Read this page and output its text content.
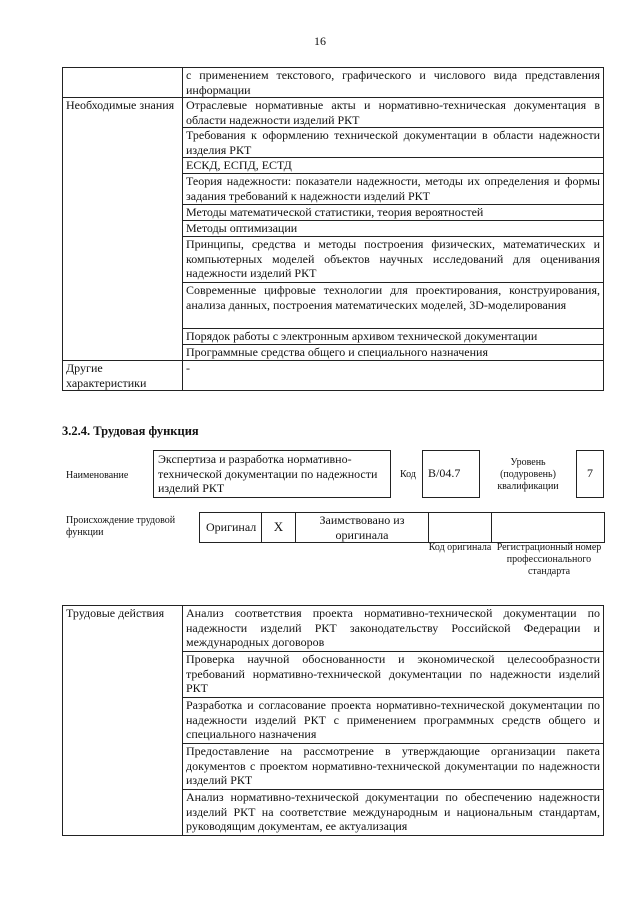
16
	с применением текстового, графического и числового вида представления информации
Необходимые знания	Отраслевые нормативные акты и нормативно-техническая документация в области надежности изделий РКТ
	Требования к оформлению технической документации в области надежности изделия РКТ
	ЕСКД, ЕСПД, ЕСТД
	Теория надежности: показатели надежности, методы их определения и формы задания требований к надежности изделий РКТ
	Методы математической статистики, теория вероятностей
	Методы оптимизации
	Принципы, средства и методы построения физических, математических и компьютерных моделей объектов научных исследований для оценивания надежности изделий РКТ
	Современные цифровые технологии для проектирования, конструирования, анализа данных, построения математических моделей, 3D-моделирования
	Порядок работы с электронным архивом технической документации
	Программные средства общего и специального назначения
Другие характеристики	-
3.2.4. Трудовая функция
Наименование
Экспертиза и разработка нормативно-технической документации по надежности изделий РКТ
Код B/04.7
Уровень (подуровень) квалификации
7
Происхождение трудовой функции	Оригинал	X	Заимствовано из оригинала		
Код оригинала Регистрационный номер профессионального стандарта
Трудовые действия	Анализ соответствия проекта нормативно-технической документации по надежности изделий РКТ законодательству Российской Федерации и международных договоров
Проверка научной обоснованности и экономической целесообразности требований нормативно-технической документации по надежности изделий РКТ
Разработка и согласование проекта нормативно-технической документации по надежности изделий РКТ с применением программных средств общего и специального назначения
Предоставление на рассмотрение в утверждающие организации пакета документов с проектом нормативно-технической документации по надежности изделий РКТ
Анализ нормативно-технической документации по обеспечению надежности изделий РКТ на соответствие международным и национальным стандартам, руководящим документам, ее актуализация
